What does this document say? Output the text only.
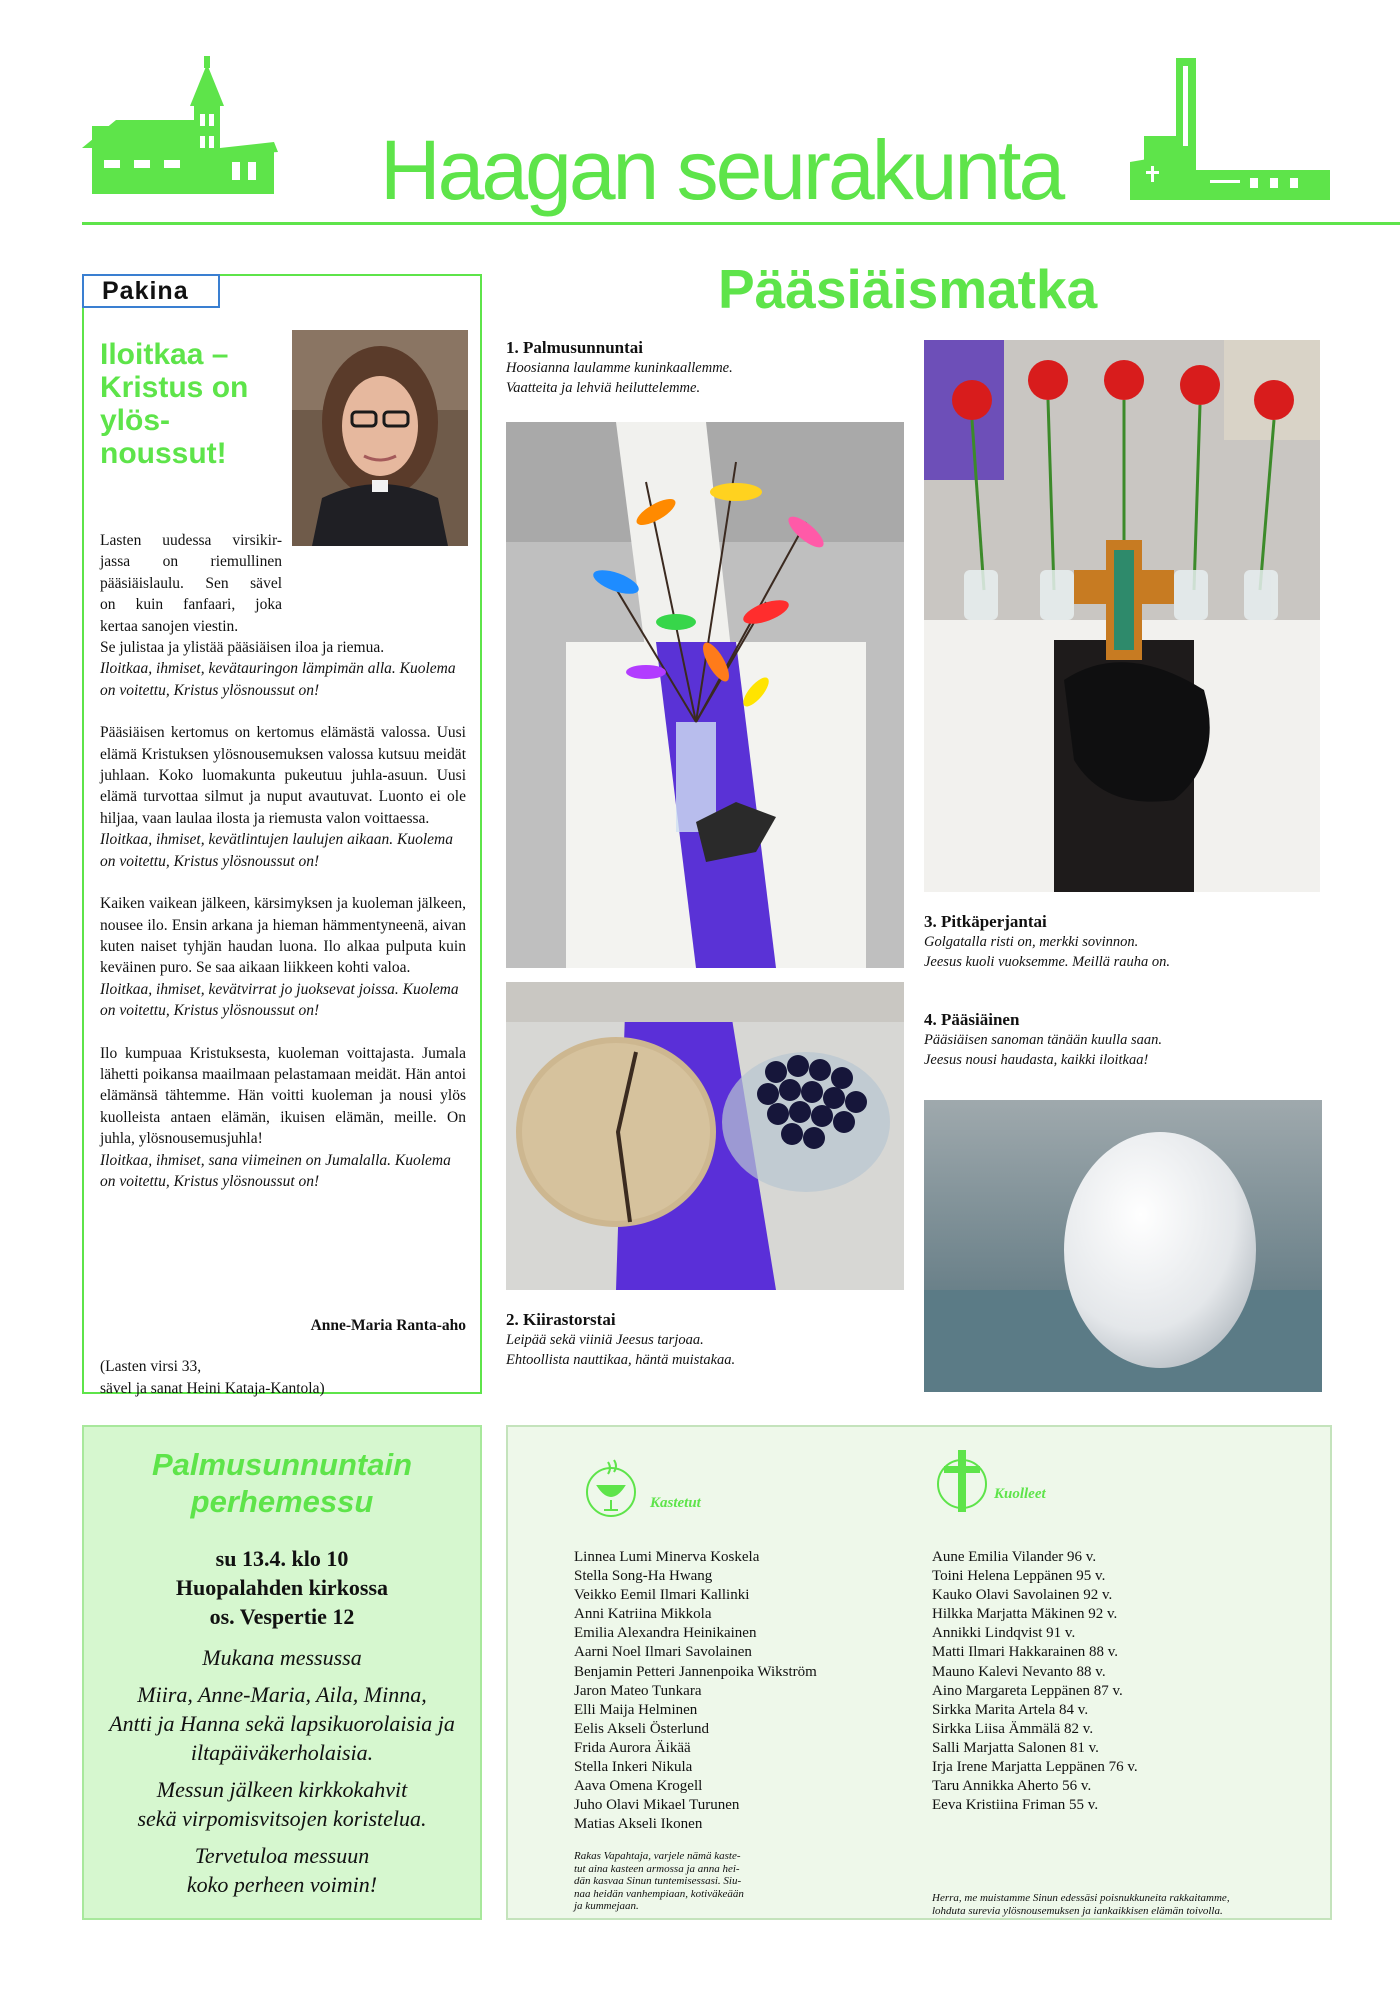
Haagan seurakunta
Pakina
Iloitkaa – Kristus on ylös- noussut!
Lasten uudessa virsikir-
jassa on riemullinen
pääsiäislaulu. Sen sävel
on kuin fanfaari, joka
kertaa sanojen viestin.
Se julistaa ja ylistää pääsiäisen iloa ja riemua.

Iloitkaa, ihmiset, kevätauringon lämpimän alla. Kuolema on voitettu, Kristus ylösnoussut on!

Pääsiäisen kertomus on kertomus elämästä valossa. Uusi elämä Kristuksen ylösnousemuksen valossa kutsuu meidät juhlaan. Koko luomakunta pukeutuu juhla-asuun. Uusi elämä turvottaa silmut ja nuput avautuvat. Luonto ei ole hiljaa, vaan laulaa ilosta ja riemusta valon voittaessa.
Iloitkaa, ihmiset, kevätlintujen laulujen aikaan. Kuolema on voitettu, Kristus ylösnoussut on!

Kaiken vaikean jälkeen, kärsimyksen ja kuoleman jälkeen, nousee ilo. Ensin arkana ja hieman hämmentyneenä, aivan kuten naiset tyhjän haudan luona. Ilo alkaa pulputa kuin keväinen puro. Se saa aikaan liikkeen kohti valoa.
Iloitkaa, ihmiset, kevätvirrat jo juoksevat joissa. Kuolema on voitettu, Kristus ylösnoussut on!

Ilo kumpuaa Kristuksesta, kuoleman voittajasta. Jumala lähetti poikansa maailmaan pelastamaan meidät. Hän antoi elämänsä tähtemme. Hän voitti kuoleman ja nousi ylös kuolleista antaen elämän, ikuisen elämän, meille. On juhla, ylösnousemusjuhla!
Iloitkaa, ihmiset, sana viimeinen on Jumalalla. Kuolema on voitettu, Kristus ylösnoussut on!

Anne-Maria Ranta-aho
(Lasten virsi 33,
sävel ja sanat Heini Kataja-Kantola)
Pääsiäismatka
1. Palmusunnuntai
Hoosianna laulamme kuninkaallemme.
Vaatteita ja lehviä heiluttelemme.
3. Pitkäperjantai
Golgatalla risti on, merkki sovinnon.
Jeesus kuoli vuoksemme. Meillä rauha on.
4. Pääsiäinen
Pääsiäisen sanoman tänään kuulla saan.
Jeesus nousi haudasta, kaikki iloitkaa!
2. Kiirastorstai
Leipää sekä viiniä Jeesus tarjoaa.
Ehtoollista nauttikaa, häntä muistakaa.
Palmusunnuntain
perhemessu
su 13.4. klo 10
Huopalahden kirkossa
os. Vespertie 12

Mukana messussa

Miira, Anne-Maria, Aila, Minna,
Antti ja Hanna sekä lapsikuorolaisia ja
iltapäiväkerholaisia.

Messun jälkeen kirkkokahvit
sekä virpomisvitsojen koristelua.

Tervetuloa messuun
koko perheen voimin!

Kastetut
Kuolleet
Linnea Lumi Minerva Koskela
Stella Song-Ha Hwang
Veikko Eemil Ilmari Kallinki
Anni Katriina Mikkola
Emilia Alexandra Heinikainen
Aarni Noel Ilmari Savolainen
Benjamin Petteri Jannenpoika Wikström
Jaron Mateo Tunkara
Elli Maija Helminen
Eelis Akseli Österlund
Frida Aurora Äikää
Stella Inkeri Nikula
Aava Omena Krogell
Juho Olavi Mikael Turunen
Matias Akseli Ikonen
Rakas Vapahtaja, varjele nämä kaste-
tut aina kasteen armossa ja anna hei-
dän kasvaa Sinun tuntemisessasi. Siu-
naa heidän vanhempiaan, kotiväkeään
ja kummejaan.
Aune Emilia Vilander 96 v.
Toini Helena Leppänen 95 v.
Kauko Olavi Savolainen 92 v.
Hilkka Marjatta Mäkinen 92 v.
Annikki Lindqvist 91 v.
Matti Ilmari Hakkarainen 88 v.
Mauno Kalevi Nevanto 88 v.
Aino Margareta Leppänen 87 v.
Sirkka Marita Artela 84 v.
Sirkka Liisa Ämmälä 82 v.
Salli Marjatta Salonen 81 v.
Irja Irene Marjatta Leppänen 76 v.
Taru Annikka Aherto 56 v.
Eeva Kristiina Friman 55 v.
Herra, me muistamme Sinun edessäsi poisnukkuneita rakkaitamme,
lohduta surevia ylösnousemuksen ja iankaikkisen elämän toivolla.
